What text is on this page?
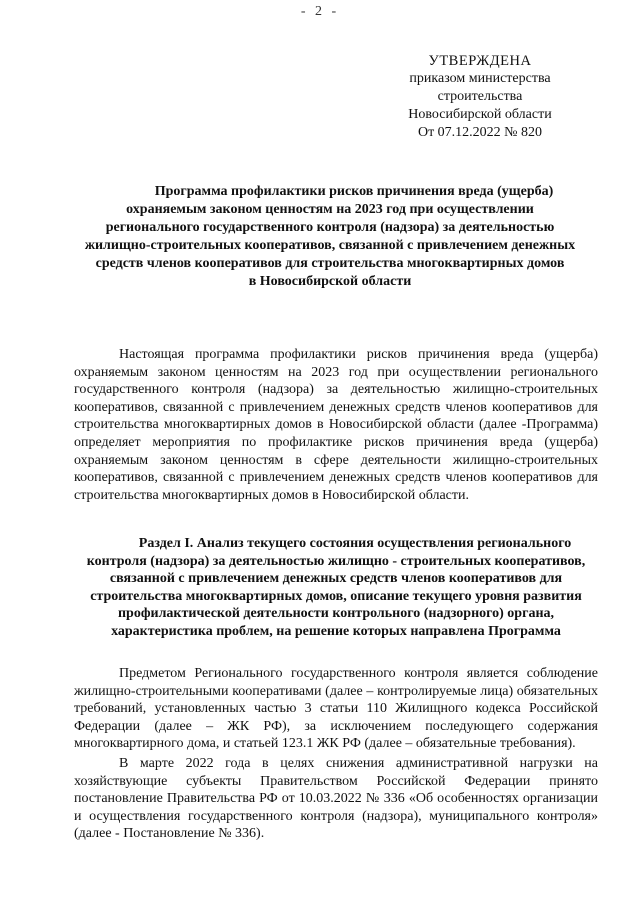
- 2 -
УТВЕРЖДЕНА
приказом министерства
строительства
Новосибирской области
От 07.12.2022 № 820
Программа профилактики рисков причинения вреда (ущерба) охраняемым законом ценностям на 2023 год при осуществлении регионального государственного контроля (надзора) за деятельностью жилищно-строительных кооперативов, связанной с привлечением денежных средств членов кооперативов для строительства многоквартирных домов
в Новосибирской области

Настоящая программа профилактики рисков причинения вреда (ущерба) охраняемым законом ценностям на 2023 год при осуществлении регионального государственного контроля (надзора) за деятельностью жилищно-строительных кооперативов, связанной с привлечением денежных средств членов кооперативов для строительства многоквартирных домов в Новосибирской области (далее -Программа) определяет мероприятия по профилактике рисков причинения вреда (ущерба) охраняемым законом ценностям в сфере деятельности жилищно-строительных кооперативов, связанной с привлечением денежных средств членов кооперативов для строительства многоквартирных домов в Новосибирской области.

Раздел I. Анализ текущего состояния осуществления регионального контроля (надзора) за деятельностью жилищно - строительных кооперативов, связанной с привлечением денежных средств членов кооперативов для строительства многоквартирных домов, описание текущего уровня развития профилактической деятельности контрольного (надзорного) органа, характеристика проблем, на решение которых направлена Программа

Предметом Регионального государственного контроля является соблюдение жилищно-строительными кооперативами (далее – контролируемые лица) обязательных требований, установленных частью 3 статьи 110 Жилищного кодекса Российской Федерации (далее – ЖК РФ), за исключением последующего содержания многоквартирного дома, и статьей 123.1 ЖК РФ (далее – обязательные требования).

В марте 2022 года в целях снижения административной нагрузки на хозяйствующие субъекты Правительством Российской Федерации принято постановление Правительства РФ от 10.03.2022 № 336 «Об особенностях организации и осуществления государственного контроля (надзора), муниципального контроля» (далее - Постановление № 336).
